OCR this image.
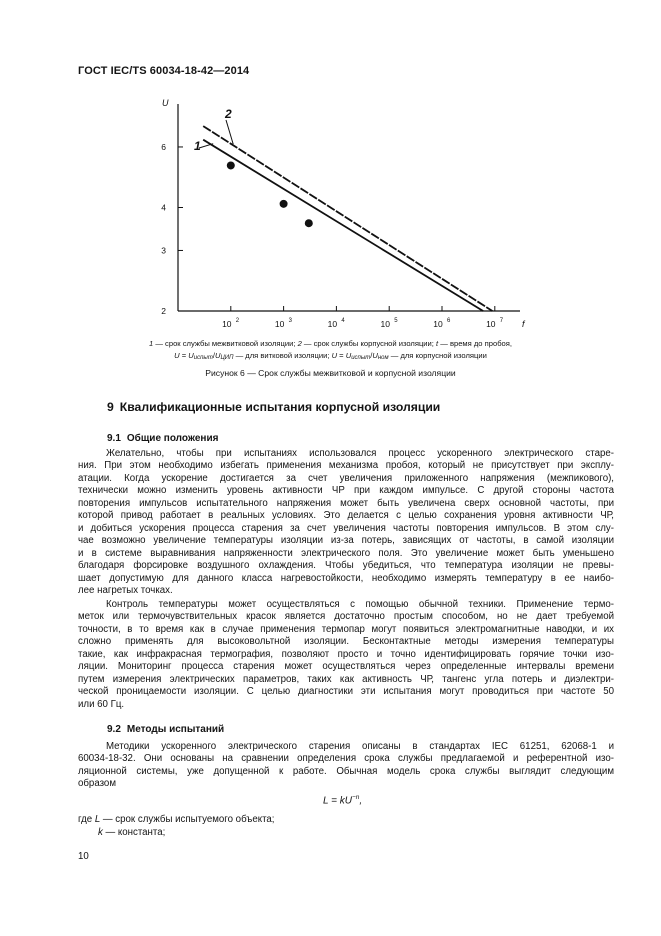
ГОСТ IEC/TS 60034-18-42—2014
2
3
4
6
10 2	10 3	10 4	10 5	10 6	10 7
U
f
1
2
1 — срок службы межвитковой изоляции; 2 — срок службы корпусной изоляции; t — время до пробоя,
$U = U_{испыт}/U_{ЦИП}$ — для витковой изоляции; $U = U_{испыт}/U_{ном}$ — для корпусной изоляции
Рисунок 6 — Срок службы межвитковой и корпусной изоляции
9 Квалификационные испытания корпусной изоляции
9.1 Общие положения
Желательно, чтобы при испытаниях использовался процесс ускоренного электрического старе-
ния. При этом необходимо избегать применения механизма пробоя, который не присутствует при эксплу-
атации. Когда ускорение достигается за счет увеличения приложенного напряжения (межпикового),
технически можно изменить уровень активности ЧР при каждом импульсе. С другой стороны частота
повторения импульсов испытательного напряжения может быть увеличена сверх основной частоты, при
которой привод работает в реальных условиях. Это делается с целью сохранения уровня активности ЧР,
и добиться ускорения процесса старения за счет увеличения частоты повторения импульсов. В этом слу-
чае возможно увеличение температуры изоляции из-за потерь, зависящих от частоты, в самой изоляции
и в системе выравнивания напряженности электрического поля. Это увеличение может быть уменьшено
благодаря форсировке воздушного охлаждения. Чтобы убедиться, что температура изоляции не превы-
шает допустимую для данного класса нагревостойкости, необходимо измерять температуру в ее наибо-
лее нагретых точках.
Контроль температуры может осуществляться с помощью обычной техники. Применение термо-
меток или термочувствительных красок является достаточно простым способом, но не дает требуемой
точности, в то время как в случае применения термопар могут появиться электромагнитные наводки, и их
сложно применять для высоковольтной изоляции. Бесконтактные методы измерения температуры
такие, как инфракрасная термография, позволяют просто и точно идентифицировать горячие точки изо-
ляции. Мониторинг процесса старения может осуществляться через определенные интервалы времени
путем измерения электрических параметров, таких как активность ЧР, тангенс угла потерь и диэлектри-
ческой проницаемости изоляции. С целью диагностики эти испытания могут проводиться при частоте 50
или 60 Гц.
9.2 Методы испытаний
Методики ускоренного электрического старения описаны в стандартах IEC 61251, 62068-1 и
60034-18-32. Они основаны на сравнении определения срока службы предлагаемой и референтной изо-
ляционной системы, уже допущенной к работе. Обычная модель срока службы выглядит следующим
образом
$L = kU^{-n}$,
где L — срок службы испытуемого объекта;
k — константа;
10
